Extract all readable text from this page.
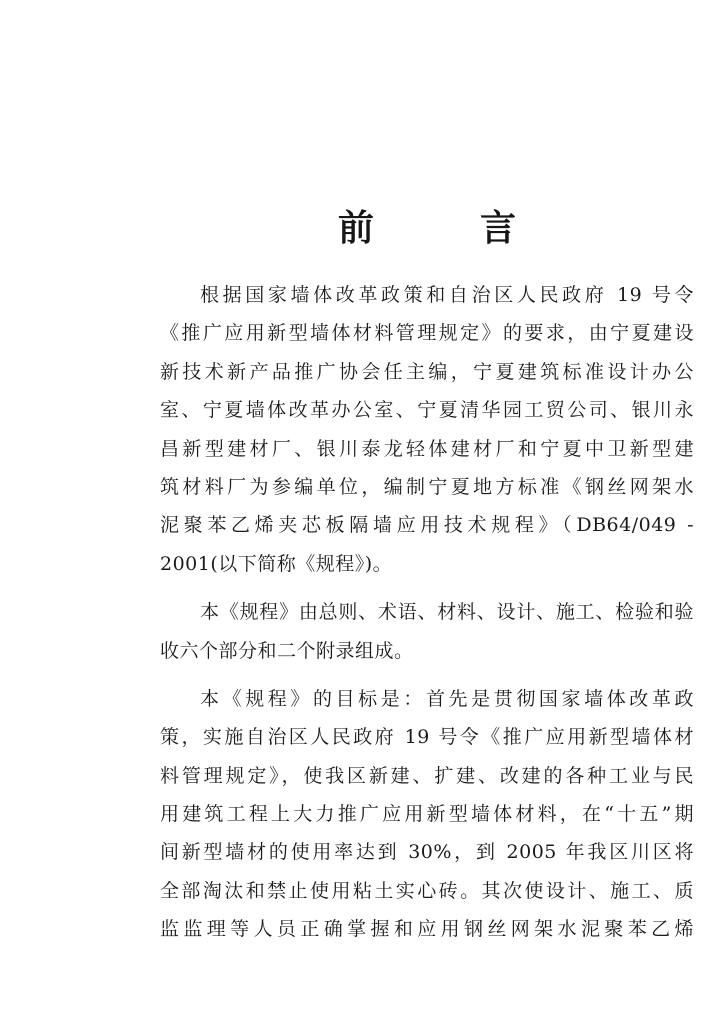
前	言
根据国家墙体改革政策和自治区人民政府 19 号令
《推广应用新型墙体材料管理规定》的要求，由宁夏建设
新技术新产品推广协会任主编，宁夏建筑标准设计办公
室、宁夏墙体改革办公室、宁夏清华园工贸公司、银川永
昌新型建材厂、银川泰龙轻体建材厂和宁夏中卫新型建
筑材料厂为参编单位，编制宁夏地方标准《钢丝网架水
泥聚苯乙烯夹芯板隔墙应用技术规程》（DB64/049 -
2001(以下简称《规程》)。
本《规程》由总则、术语、材料、设计、施工、检验和验
收六个部分和二个附录组成。
本《规程》的目标是：首先是贯彻国家墙体改革政
策，实施自治区人民政府 19 号令《推广应用新型墙体材
料管理规定》，使我区新建、扩建、改建的各种工业与民
用建筑工程上大力推广应用新型墙体材料，在“十五”期
间新型墙材的使用率达到 30%，到 2005 年我区川区将
全部淘汰和禁止使用粘土实心砖。其次使设计、施工、质
监监理等人员正确掌握和应用钢丝网架水泥聚苯乙烯
